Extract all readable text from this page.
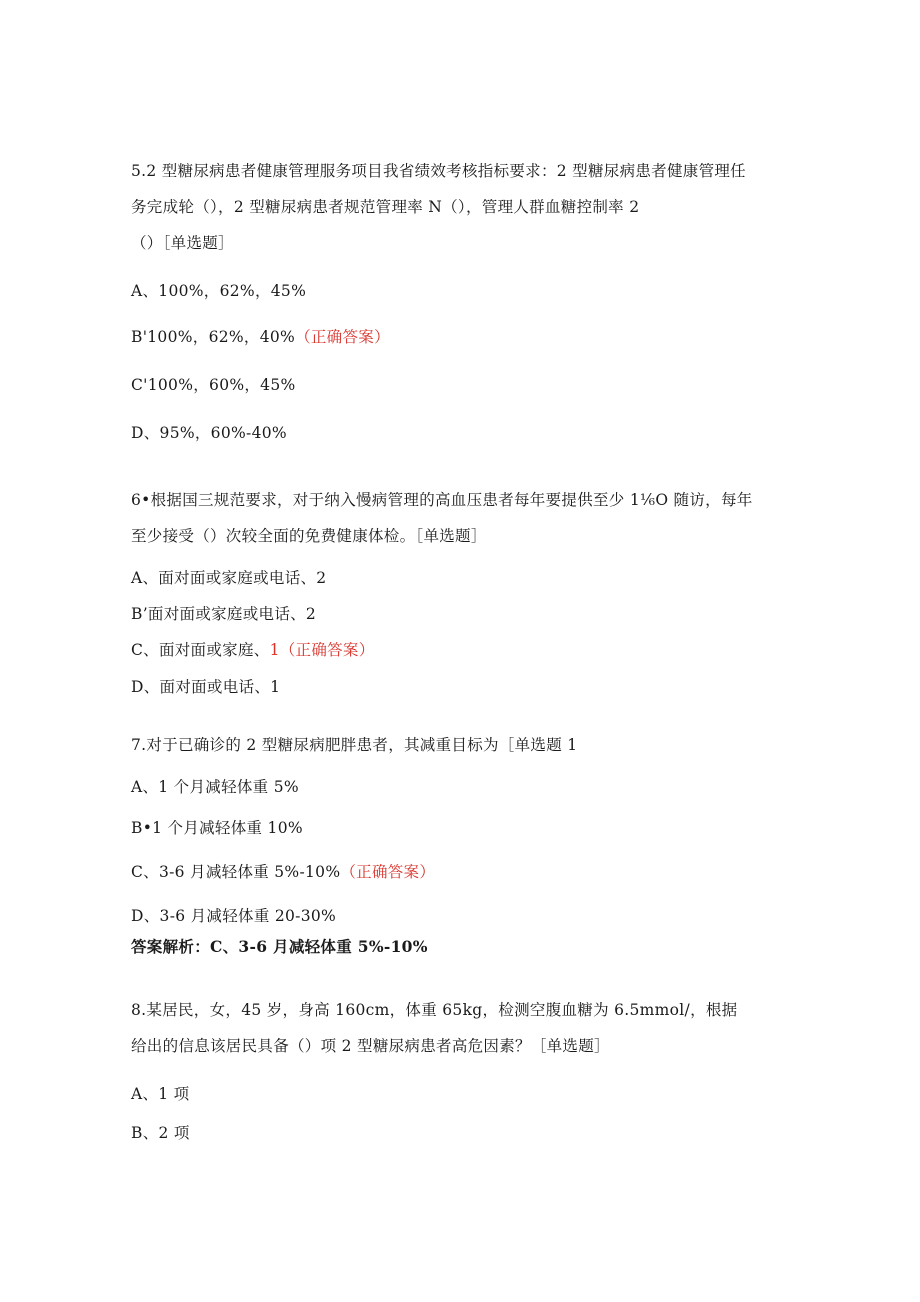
5.2 型糖尿病患者健康管理服务项目我省绩效考核指标要求：2 型糖尿病患者健康管理任
务完成轮（），2 型糖尿病患者规范管理率 N（），管理人群血糖控制率 2
（）［单选题］
A、100%，62%，45%
B'100%，62%，40%（正确答案）
C'100%，60%，45%
D、95%，60%-40%
6•根据国三规范要求，对于纳入慢病管理的高血压患者每年要提供至少 1⅙O 随访，每年
至少接受（）次较全面的免费健康体检。［单选题］
A、面对面或家庭或电话、2
B’面对面或家庭或电话、2
C、面对面或家庭、1（正确答案）
D、面对面或电话、1
7.对于已确诊的 2 型糖尿病肥胖患者，其减重目标为［单选题 1
A、1 个月减轻体重 5%
B•1 个月减轻体重 10%
C、3-6 月减轻体重 5%-10%（正确答案）
D、3-6 月减轻体重 20-30%
答案解析：C、3-6 月减轻体重 5%-10%
8.某居民，女，45 岁，身高 160cm，体重 65kg，检测空腹血糖为 6.5mmol/，根据
给出的信息该居民具备（）项 2 型糖尿病患者高危因素？［单选题］
A、1 项
B、2 项
